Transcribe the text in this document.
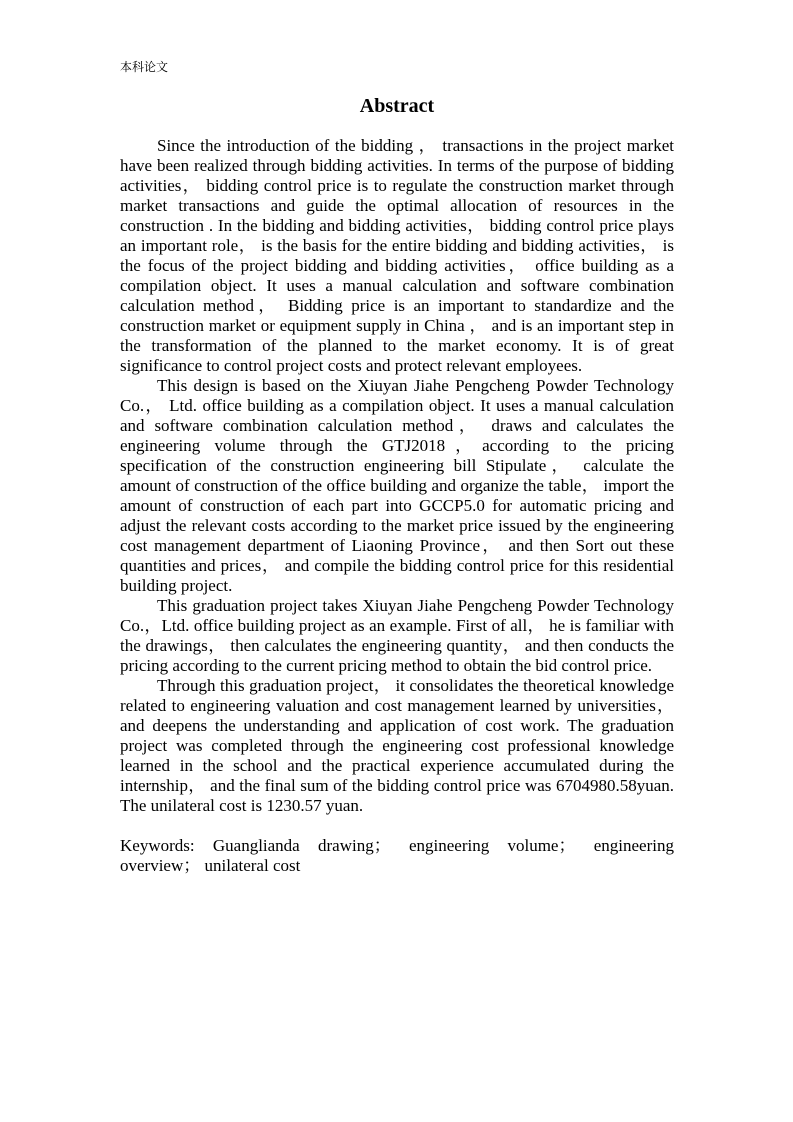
本科论文
Abstract

Since the introduction of the bidding ， transactions in the project market have been realized through bidding activities. In terms of the purpose of bidding activities， bidding control price is to regulate the construction market through market transactions and guide the optimal allocation of resources in the construction . In the bidding and bidding activities， bidding control price plays an important role， is the basis for the entire bidding and bidding activities， is the focus of the project bidding and bidding activities， office building as a compilation object. It uses a manual calculation and software combination calculation method， Bidding price is an important to standardize and the construction market or equipment supply in China ， and is an important step in the transformation of the planned to the market economy. It is of great significance to control project costs and protect relevant employees.

This design is based on the Xiuyan Jiahe Pengcheng Powder Technology Co.， Ltd. office building as a compilation object. It uses a manual calculation and software combination calculation method， draws and calculates the engineering volume through the GTJ2018，according to the pricing specification of the construction engineering bill Stipulate， calculate the amount of construction of the office building and organize the table， import the amount of construction of each part into GCCP5.0 for automatic pricing and adjust the relevant costs according to the market price issued by the engineering cost management department of Liaoning Province， and then Sort out these quantities and prices， and compile the bidding control price for this residential building project.

This graduation project takes Xiuyan Jiahe Pengcheng Powder Technology Co.，Ltd. office building project as an example. First of all， he is familiar with the drawings， then calculates the engineering quantity， and then conducts the pricing according to the current pricing method to obtain the bid control price.

Through this graduation project， it consolidates the theoretical knowledge related to engineering valuation and cost management learned by universities， and deepens the understanding and application of cost work. The graduation project was completed through the engineering cost professional knowledge learned in the school and the practical experience accumulated during the internship， and the final sum of the bidding control price was 6704980.58yuan. The unilateral cost is 1230.57 yuan.

Keywords: Guanglianda drawing； engineering volume； engineering overview； unilateral cost
